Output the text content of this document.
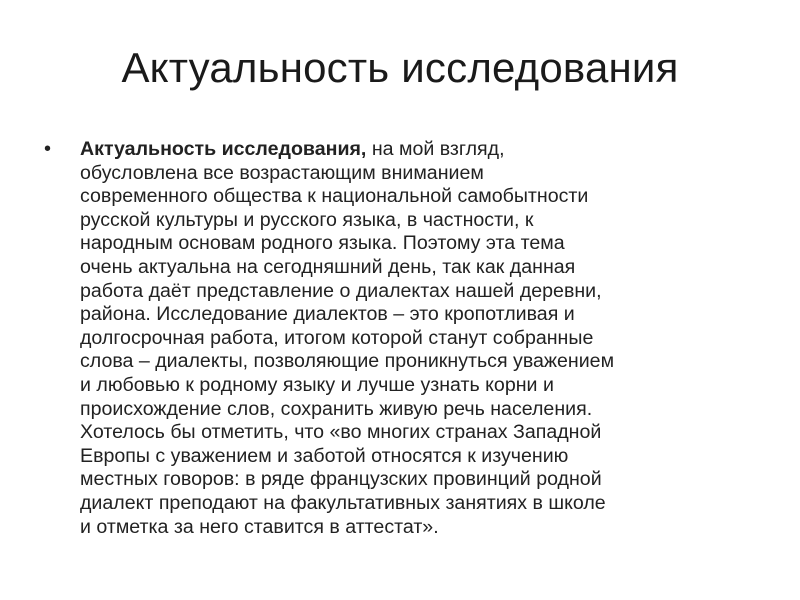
Актуальность исследования
•	Актуальность исследования, на мой взгляд,
обусловлена все возрастающим вниманием
современного общества к национальной самобытности
русской культуры и русского языка, в частности, к
народным основам родного языка. Поэтому эта тема
очень актуальна на сегодняшний день, так как данная
работа даёт представление о диалектах нашей деревни,
района. Исследование диалектов – это кропотливая и
долгосрочная работа, итогом которой станут собранные
слова – диалекты, позволяющие проникнуться уважением
и любовью к родному языку и лучше узнать корни и
происхождение слов, сохранить живую речь населения.
Хотелось бы отметить, что «во многих странах Западной
Европы с уважением и заботой относятся к изучению
местных говоров: в ряде французских провинций родной
диалект преподают на факультативных занятиях в школе
и отметка за него ставится в аттестат».
